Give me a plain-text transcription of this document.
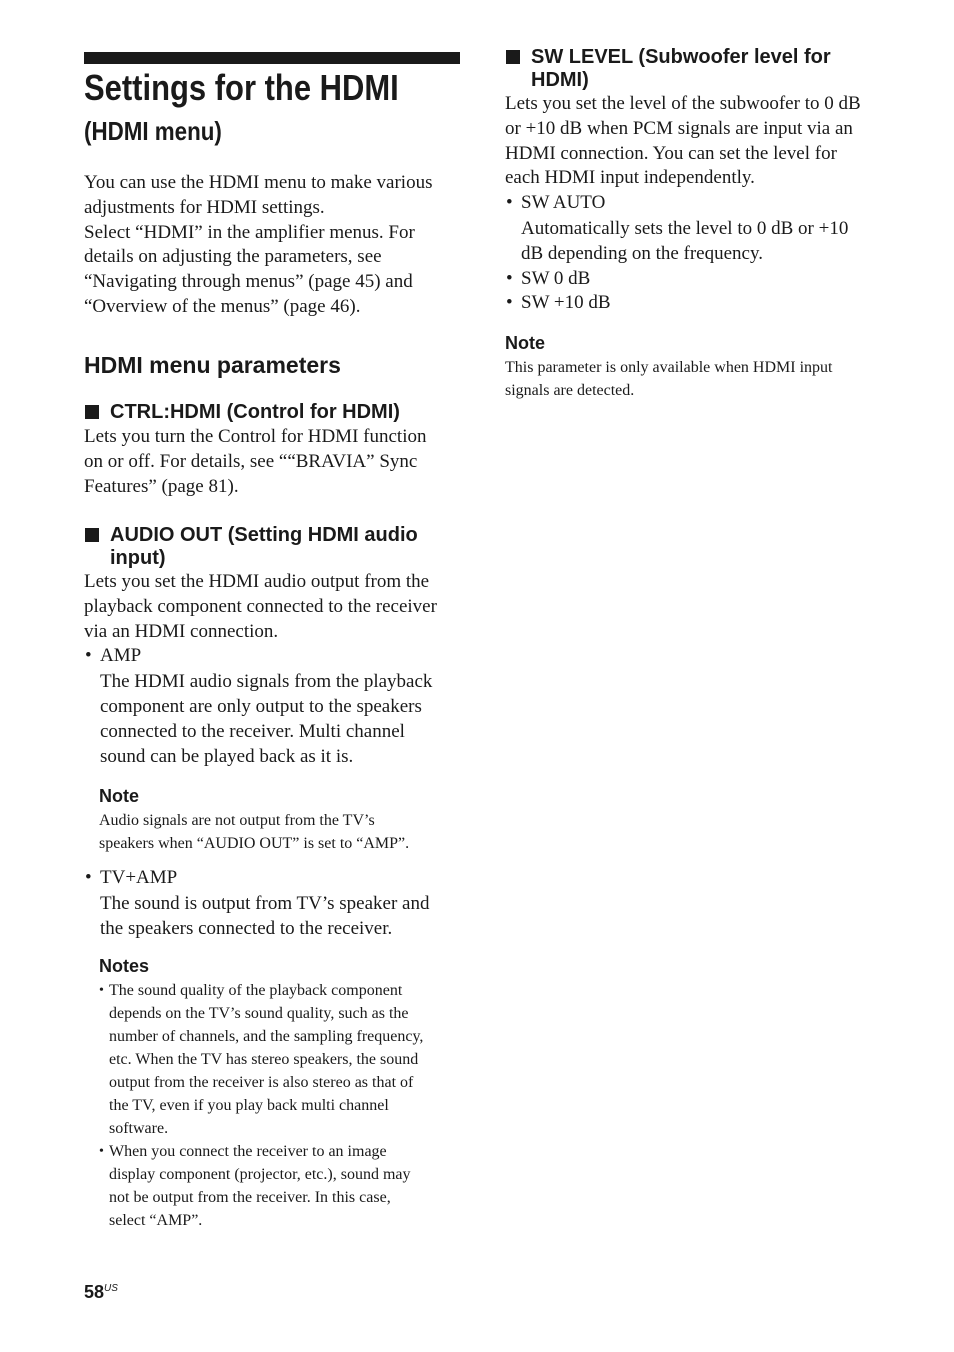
Settings for the HDMI
(HDMI menu)
You can use the HDMI menu to make various
adjustments for HDMI settings.
Select “HDMI” in the amplifier menus. For
details on adjusting the parameters, see
“Navigating through menus” (page 45) and
“Overview of the menus” (page 46).
HDMI menu parameters
CTRL:HDMI (Control for HDMI)
Lets you turn the Control for HDMI function
on or off. For details, see ““BRAVIA” Sync
Features” (page 81).
AUDIO OUT (Setting HDMI audio
input)
Lets you set the HDMI audio output from the
playback component connected to the receiver
via an HDMI connection.
• AMP
The HDMI audio signals from the playback
component are only output to the speakers
connected to the receiver. Multi channel
sound can be played back as it is.
Note
Audio signals are not output from the TV’s
speakers when “AUDIO OUT” is set to “AMP”.
• TV+AMP
The sound is output from TV’s speaker and
the speakers connected to the receiver.
Notes
• The sound quality of the playback component
depends on the TV’s sound quality, such as the
number of channels, and the sampling frequency,
etc. When the TV has stereo speakers, the sound
output from the receiver is also stereo as that of
the TV, even if you play back multi channel
software.
• When you connect the receiver to an image
display component (projector, etc.), sound may
not be output from the receiver. In this case,
select “AMP”.
SW LEVEL (Subwoofer level for
HDMI)
Lets you set the level of the subwoofer to 0 dB
or +10 dB when PCM signals are input via an
HDMI connection. You can set the level for
each HDMI input independently.
• SW AUTO
Automatically sets the level to 0 dB or +10
dB depending on the frequency.
• SW 0 dB
• SW +10 dB
Note
This parameter is only available when HDMI input
signals are detected.
$58^{US}$
